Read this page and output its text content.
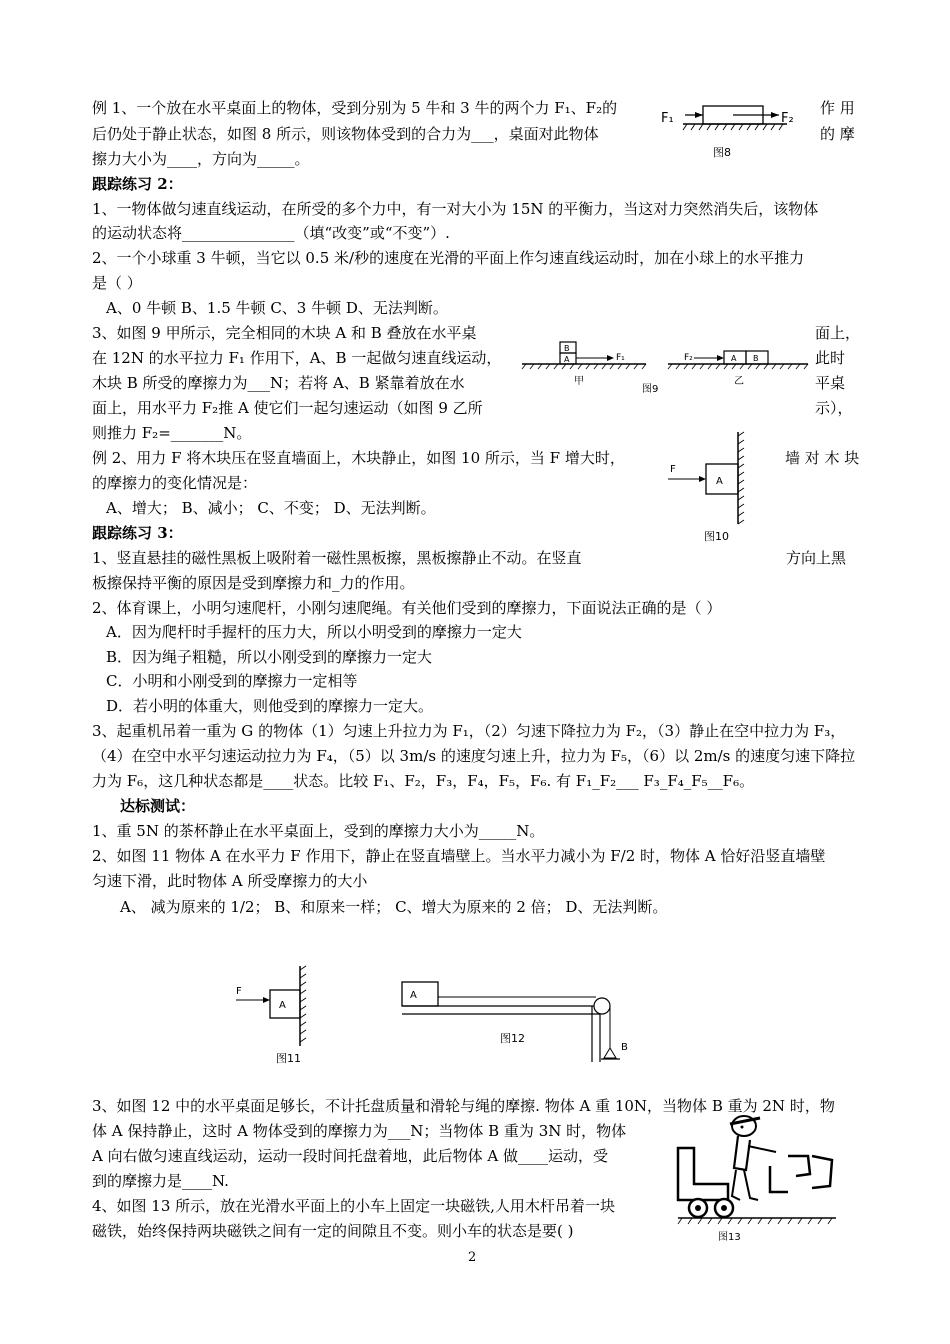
例 1、一个放在水平桌面上的物体，受到分别为 5 牛和 3 牛的两个力 F₁、F₂的	作 用
后仍处于静止状态，如图 8 所示，则该物体受到的合力为___，桌面对此物体	的 摩
擦力大小为____，方向为_____。
F₁	F₂
图8
跟踪练习 2：
1、一物体做匀速直线运动，在所受的多个力中，有一对大小为 15N 的平衡力，当这对力突然消失后，该物体
的运动状态将_______________（填“改变”或“不变”）.
2、一个小球重 3 牛顿，当它以 0.5 米/秒的速度在光滑的平面上作匀速直线运动时，加在小球上的水平推力
是（ ）
A、0 牛顿 B、1.5 牛顿 C、3 牛顿 D、无法判断。
3、如图 9 甲所示，完全相同的木块 A 和 B 叠放在水平桌	面上，
在 12N 的水平拉力 F₁ 作用下，A、B 一起做匀速直线运动，	此时
木块 B 所受的摩擦力为___N；若将 A、B 紧靠着放在水	平桌
面上，用水平力 F₂推 A 使它们一起匀速运动（如图 9 乙所	示），
则推力 F₂=_______N。
B
A	F₁
甲
图9
F₂	A B
乙
例 2、用力 F 将木块压在竖直墙面上，木块静止，如图 10 所示，当 F 增大时，	墙 对 木 块
的摩擦力的变化情况是：
A、增大； B、减小； C、不变； D、无法判断。
A
F
图10
跟踪练习 3：
1、竖直悬挂的磁性黑板上吸附着一磁性黑板擦，黑板擦静止不动。在竖直	方向上黑
板擦保持平衡的原因是受到摩擦力和_力的作用。
2、体育课上，小明匀速爬杆，小刚匀速爬绳。有关他们受到的摩擦力，下面说法正确的是（ ）
A．因为爬杆时手握杆的压力大，所以小明受到的摩擦力一定大
B．因为绳子粗糙，所以小刚受到的摩擦力一定大
C．小明和小刚受到的摩擦力一定相等
D．若小明的体重大，则他受到的摩擦力一定大。
3、起重机吊着一重为 G 的物体（1）匀速上升拉力为 F₁，（2）匀速下降拉力为 F₂，（3）静止在空中拉力为 F₃，
（4）在空中水平匀速运动拉力为 F₄，（5）以 3m/s 的速度匀速上升，拉力为 F₅，（6）以 2m/s 的速度匀速下降拉
力为 F₆，这几种状态都是____状态。比较 F₁、F₂，F₃，F₄，F₅，F₆. 有 F₁_F₂___ F₃_F₄_F₅__F₆。
达标测试：
1、重 5N 的茶杯静止在水平桌面上，受到的摩擦力大小为_____N。
2、如图 11 物体 A 在水平力 F 作用下，静止在竖直墙壁上。当水平力减小为 F/2 时，物体 A 恰好沿竖直墙壁
匀速下滑，此时物体 A 所受摩擦力的大小
A、 减为原来的 1/2； B、和原来一样； C、增大为原来的 2 倍； D、无法判断。
A
F
图11
A
B
图12
3、如图 12 中的水平桌面足够长，不计托盘质量和滑轮与绳的摩擦. 物体 A 重 10N，当物体 B 重为 2N 时，物
体 A 保持静止，这时 A 物体受到的摩擦力为___N；当物体 B 重为 3N 时，物体
A 向右做匀速直线运动，运动一段时间托盘着地，此后物体 A 做____运动，受
到的摩擦力是____N.
4、如图 13 所示，放在光滑水平面上的小车上固定一块磁铁,人用木杆吊着一块
磁铁，始终保持两块磁铁之间有一定的间隙且不变。则小车的状态是要( )	图13
2
